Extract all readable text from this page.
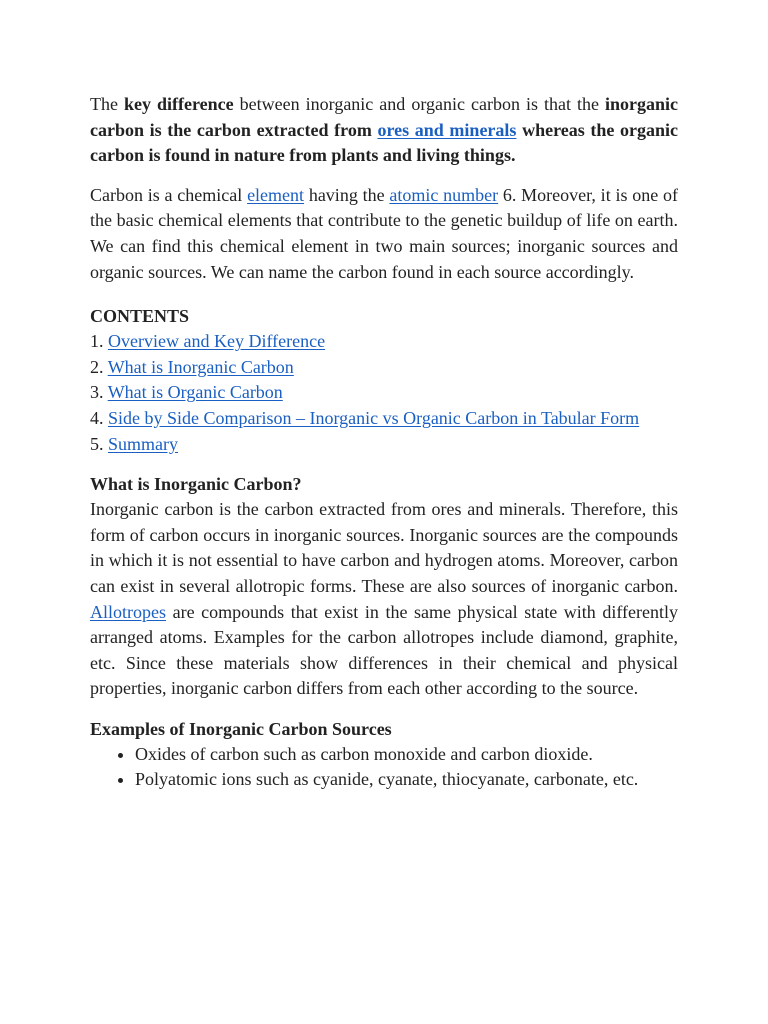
The key difference between inorganic and organic carbon is that the inorganic carbon is the carbon extracted from ores and minerals whereas the organic carbon is found in nature from plants and living things.

Carbon is a chemical element having the atomic number 6. Moreover, it is one of the basic chemical elements that contribute to the genetic buildup of life on earth. We can find this chemical element in two main sources; inorganic sources and organic sources. We can name the carbon found in each source accordingly.

CONTENTS
1. Overview and Key Difference
2. What is Inorganic Carbon
3. What is Organic Carbon
4. Side by Side Comparison – Inorganic vs Organic Carbon in Tabular Form
5. Summary
What is Inorganic Carbon?

Inorganic carbon is the carbon extracted from ores and minerals. Therefore, this form of carbon occurs in inorganic sources. Inorganic sources are the compounds in which it is not essential to have carbon and hydrogen atoms. Moreover, carbon can exist in several allotropic forms. These are also sources of inorganic carbon. Allotropes are compounds that exist in the same physical state with differently arranged atoms. Examples for the carbon allotropes include diamond, graphite, etc. Since these materials show differences in their chemical and physical properties, inorganic carbon differs from each other according to the source.

Examples of Inorganic Carbon Sources
• Oxides of carbon such as carbon monoxide and carbon dioxide.
• Polyatomic ions such as cyanide, cyanate, thiocyanate, carbonate, etc.
